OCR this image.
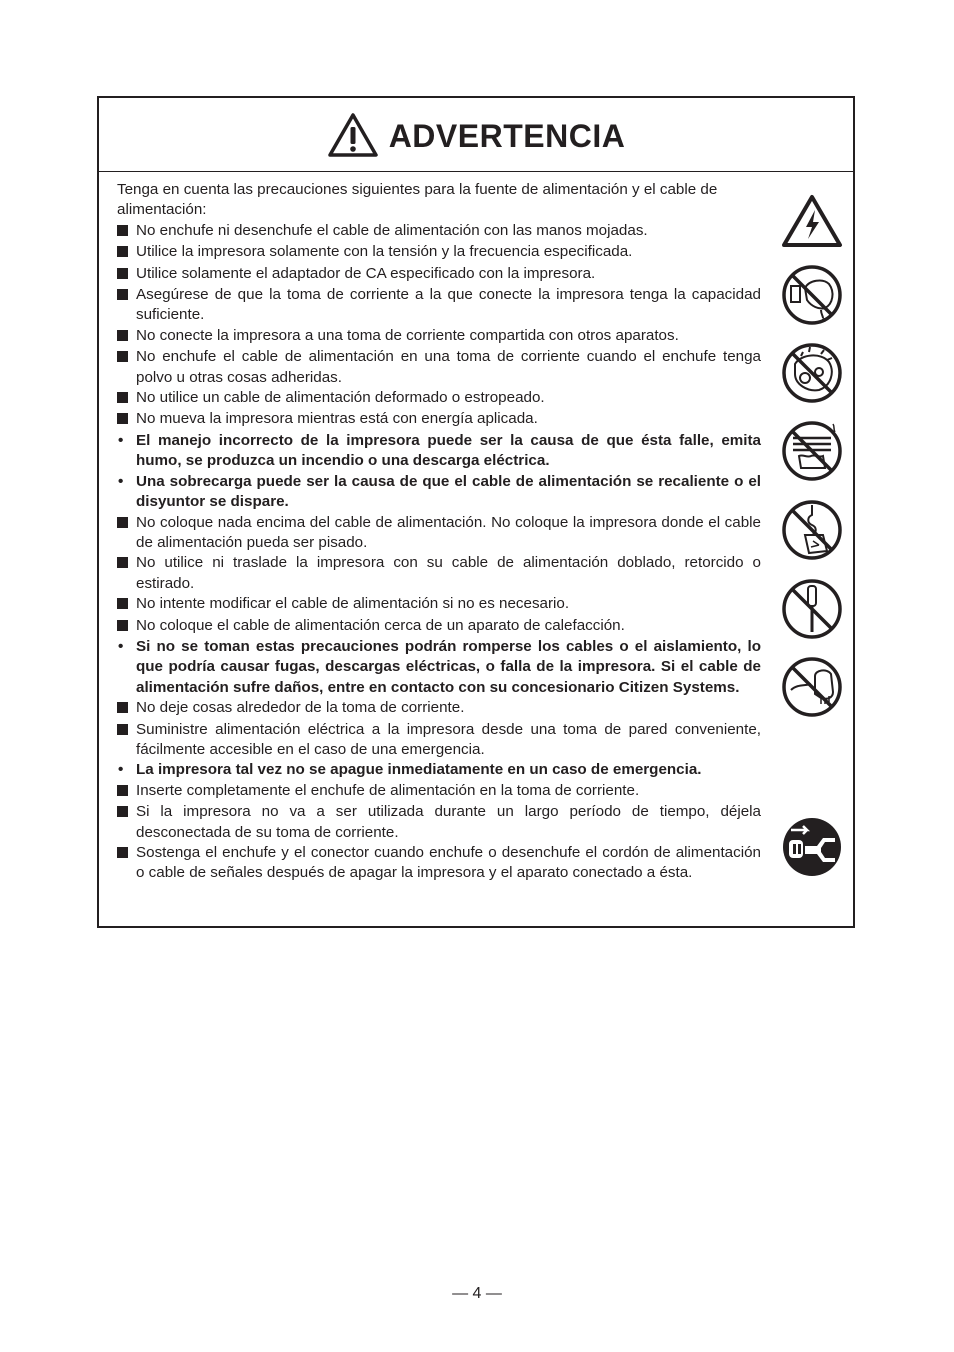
ADVERTENCIA

Tenga en cuenta las precauciones siguientes para la fuente de alimentación y el cable de alimentación:

No enchufe ni desenchufe el cable de alimentación con las manos mojadas.
Utilice la impresora solamente con la tensión y la frecuencia especificada.
Utilice solamente el adaptador de CA especificado con la impresora.
Asegúrese de que la toma de corriente a la que conecte la impresora tenga la capacidad suficiente.
No conecte la impresora a una toma de corriente compartida con otros aparatos.
No enchufe el cable de alimentación en una toma de corriente cuando el enchufe tenga polvo u otras cosas adheridas.
No utilice un cable de alimentación deformado o estropeado.
No mueva la impresora mientras está con energía aplicada.
• El manejo incorrecto de la impresora puede ser la causa de que ésta falle, emita humo, se produzca un incendio o una descarga eléctrica.
• Una sobrecarga puede ser la causa de que el cable de alimentación se recaliente o el disyuntor se dispare.
No coloque nada encima del cable de alimentación. No coloque la impresora donde el cable de alimentación pueda ser pisado.
No utilice ni traslade la impresora con su cable de alimentación doblado, retorcido o estirado.
No intente modificar el cable de alimentación si no es necesario.
No coloque el cable de alimentación cerca de un aparato de calefacción.
• Si no se toman estas precauciones podrán romperse los cables o el aislamiento, lo que podría causar fugas, descargas eléctricas, o falla de la impresora. Si el cable de alimentación sufre daños, entre en contacto con su concesionario Citizen Systems.
No deje cosas alrededor de la toma de corriente.
Suministre alimentación eléctrica a la impresora desde una toma de pared conveniente, fácilmente accesible en el caso de una emergencia.
• La impresora tal vez no se apague inmediatamente en un caso de emergencia.
Inserte completamente el enchufe de alimentación en la toma de corriente.
Si la impresora no va a ser utilizada durante un largo período de tiempo, déjela desconectada de su toma de corriente.
Sostenga el enchufe y el conector cuando enchufe o desenchufe el cordón de alimentación o cable de señales después de apagar la impresora y el aparato conectado a ésta.
— 4 —
